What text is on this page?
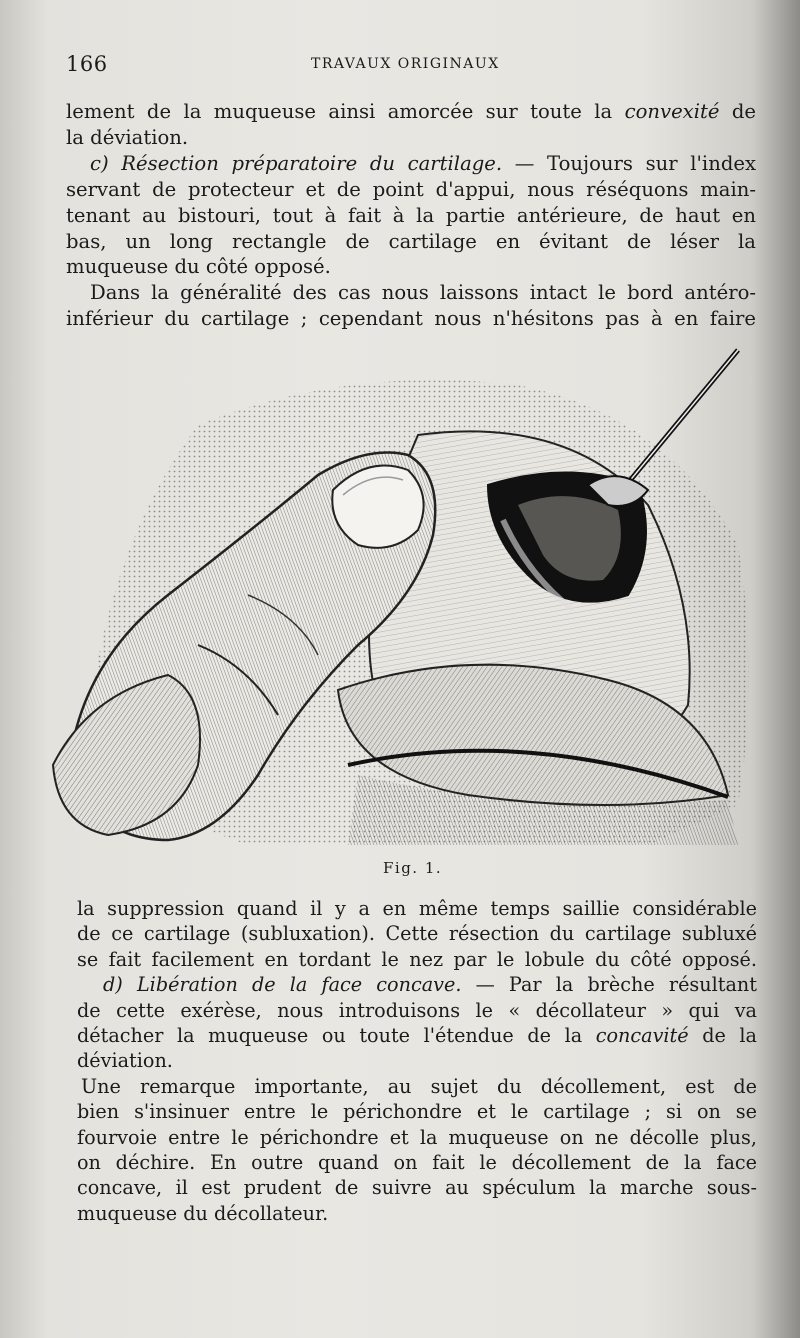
166	TRAVAUX ORIGINAUX

lement de la muqueuse ainsi amorcée sur toute la convexité de
la déviation.

c) Résection préparatoire du cartilage. — Toujours sur l'index
servant de protecteur et de point d'appui, nous réséquons main-
tenant au bistouri, tout à fait à la partie antérieure, de haut en
bas, un long rectangle de cartilage en évitant de léser la
muqueuse du côté opposé.

Dans la généralité des cas nous laissons intact le bord antéro-
inférieur du cartilage ; cependant nous n'hésitons pas à en faire

Fig. 1.

la suppression quand il y a en même temps saillie considérable
de ce cartilage (subluxation). Cette résection du cartilage subluxé
se fait facilement en tordant le nez par le lobule du côté opposé.

d) Libération de la face concave. — Par la brèche résultant
de cette exérèse, nous introduisons le « décollateur » qui va
détacher la muqueuse ou toute l'étendue de la concavité de la
déviation.

Une remarque importante, au sujet du décollement, est de
bien s'insinuer entre le périchondre et le cartilage ; si on se
fourvoie entre le périchondre et la muqueuse on ne décolle plus,
on déchire. En outre quand on fait le décollement de la face
concave, il est prudent de suivre au spéculum la marche sous-
muqueuse du décollateur.
